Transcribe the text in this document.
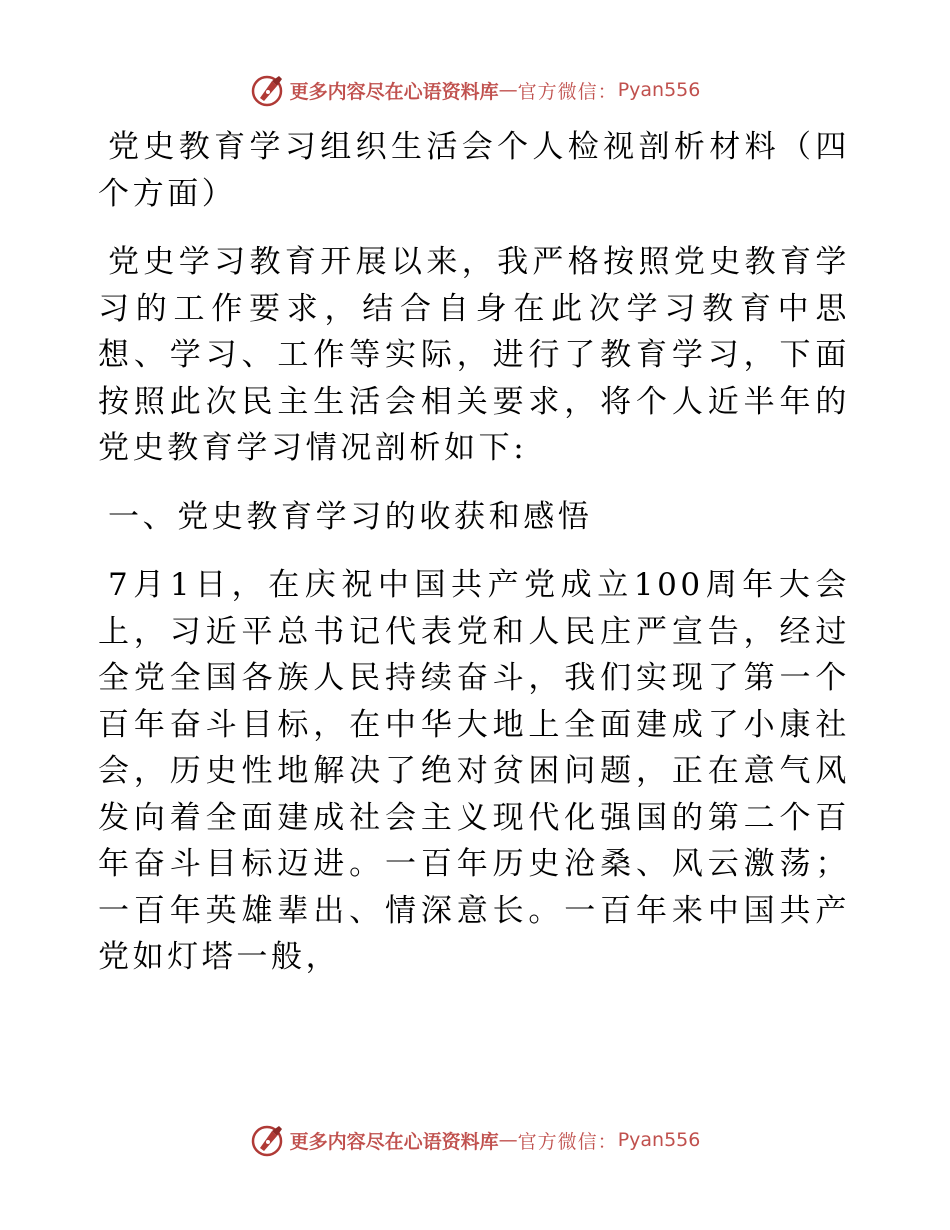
更多内容尽在心语资料库 — 官方微信： Pyan556

党史教育学习组织生活会个人检视剖析材料（四个方面）

党史学习教育开展以来，我严格按照党史教育学习的工作要求，结合自身在此次学习教育中思想、学习、工作等实际，进行了教育学习，下面按照此次民主生活会相关要求，将个人近半年的党史教育学习情况剖析如下:

一、党史教育学习的收获和感悟

7月1日，在庆祝中国共产党成立100周年大会上，习近平总书记代表党和人民庄严宣告，经过全党全国各族人民持续奋斗，我们实现了第一个百年奋斗目标，在中华大地上全面建成了小康社会，历史性地解决了绝对贫困问题，正在意气风发向着全面建成社会主义现代化强国的第二个百年奋斗目标迈进。一百年历史沧桑、风云激荡；一百年英雄辈出、情深意长。一百年来中国共产党如灯塔一般，

更多内容尽在心语资料库 — 官方微信： Pyan556
